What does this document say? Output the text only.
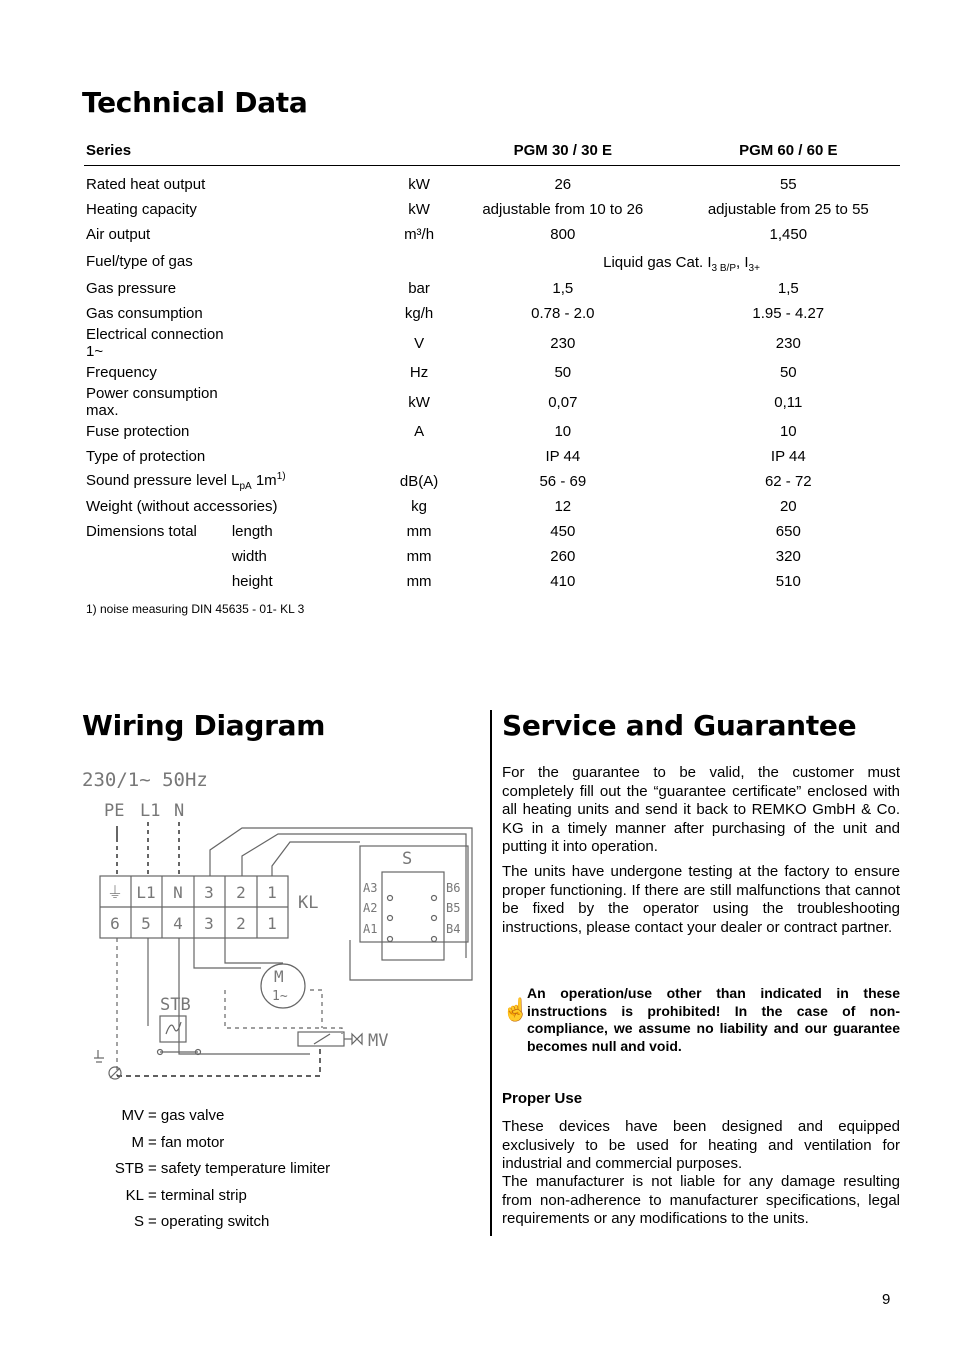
Technical Data
Series			PGM 30 / 30 E	PGM 60 / 60 E
Rated heat output		kW	26	55
Heating capacity		kW	adjustable from 10 to 26	adjustable from 25 to 55
Air output		m³/h	800	1,450
Fuel/type of gas			Liquid gas Cat. $I_{3 B/P}$, $I_{3+}$
Gas pressure		bar	1,5	1,5
Gas consumption		kg/h	0.78 - 2.0	1.95 - 4.27
Electrical connection 1~		V	230	230
Frequency		Hz	50	50
Power consumption max.		kW	0,07	0,11
Fuse protection		A	10	10
Type of protection			IP 44	IP 44
Sound pressure level $L_{pA}$ $1m^{1)}$		dB(A)	56 - 69	62 - 72
Weight (without accessories)		kg	12	20
Dimensions total	length	mm	450	650
	width	mm	260	320
	height	mm	410	510
1) noise measuring DIN 45635 - 01- KL 3
Wiring Diagram
230/1~ 50Hz
PE L1 N
⏚ L1 N 3 2 1
6 5 4 3 2 1
KL
S
A3
A2
A1
B6
B5
B4
M
1~
STB
MV
MV = gas valve
M = fan motor
STB = safety temperature limiter
KL = terminal strip
S = operating switch
Service and Guarantee
For the guarantee to be valid, the customer must completely fill out the “guarantee certificate” enclosed with all heating units and send it back to REMKO GmbH & Co. KG in a timely manner after purchasing of the unit and putting it into operation.
The units have undergone testing at the factory to ensure proper functioning. If there are still malfunctions that cannot be fixed by the operator using the troubleshooting instructions, please contact your dealer or contract partner.
☝
An operation/use other than indicated in these instructions is prohibited! In the case of non-compliance, we assume no liability and our guarantee becomes null and void.
Proper Use
These devices have been designed and equipped exclusively to be used for heating and ventilation for industrial and commercial purposes.
The manufacturer is not liable for any damage resulting from non-adherence to manufacturer specifications, legal requirements or any modifications to the units.
9
